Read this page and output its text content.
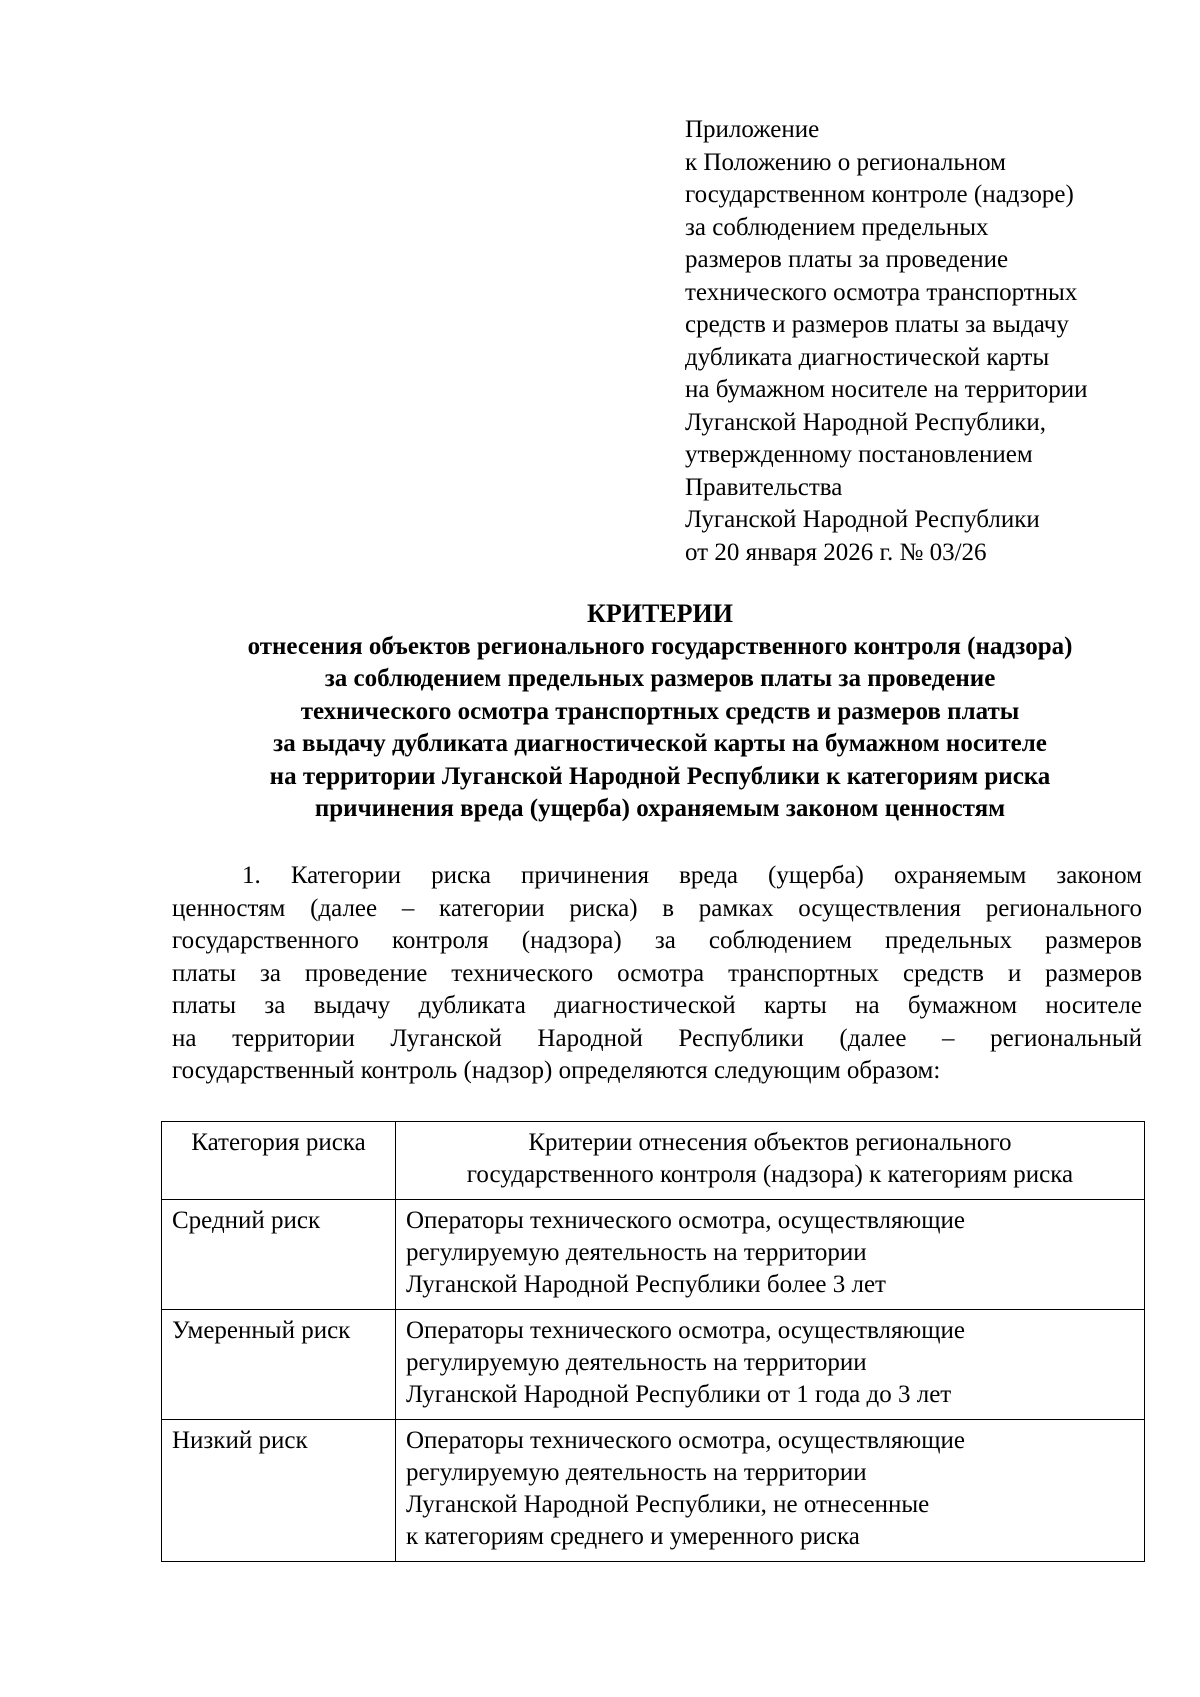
Приложение
к Положению о региональном
государственном контроле (надзоре)
за соблюдением предельных
размеров платы за проведение
технического осмотра транспортных
средств и размеров платы за выдачу
дубликата диагностической карты
на бумажном носителе на территории
Луганской Народной Республики,
утвержденному постановлением
Правительства
Луганской Народной Республики
от 20 января 2026 г. № 03/26
КРИТЕРИИ
отнесения объектов регионального государственного контроля (надзора)
за соблюдением предельных размеров платы за проведение
технического осмотра транспортных средств и размеров платы
за выдачу дубликата диагностической карты на бумажном носителе
на территории Луганской Народной Республики к категориям риска
причинения вреда (ущерба) охраняемым законом ценностям
1. Категории риска причинения вреда (ущерба) охраняемым законом
ценностям (далее – категории риска) в рамках осуществления регионального
государственного контроля (надзора) за соблюдением предельных размеров
платы за проведение технического осмотра транспортных средств и размеров
платы за выдачу дубликата диагностической карты на бумажном носителе
на территории Луганской Народной Республики (далее – региональный
государственный контроль (надзор) определяются следующим образом:
Категория риска	Критерии отнесения объектов регионального
государственного контроля (надзора) к категориям риска

Средний риск	Операторы технического осмотра, осуществляющие
регулируемую деятельность на территории
Луганской Народной Республики более 3 лет

Умеренный риск	Операторы технического осмотра, осуществляющие
регулируемую деятельность на территории
Луганской Народной Республики от 1 года до 3 лет

Низкий риск	Операторы технического осмотра, осуществляющие
регулируемую деятельность на территории
Луганской Народной Республики, не отнесенные
к категориям среднего и умеренного риска
